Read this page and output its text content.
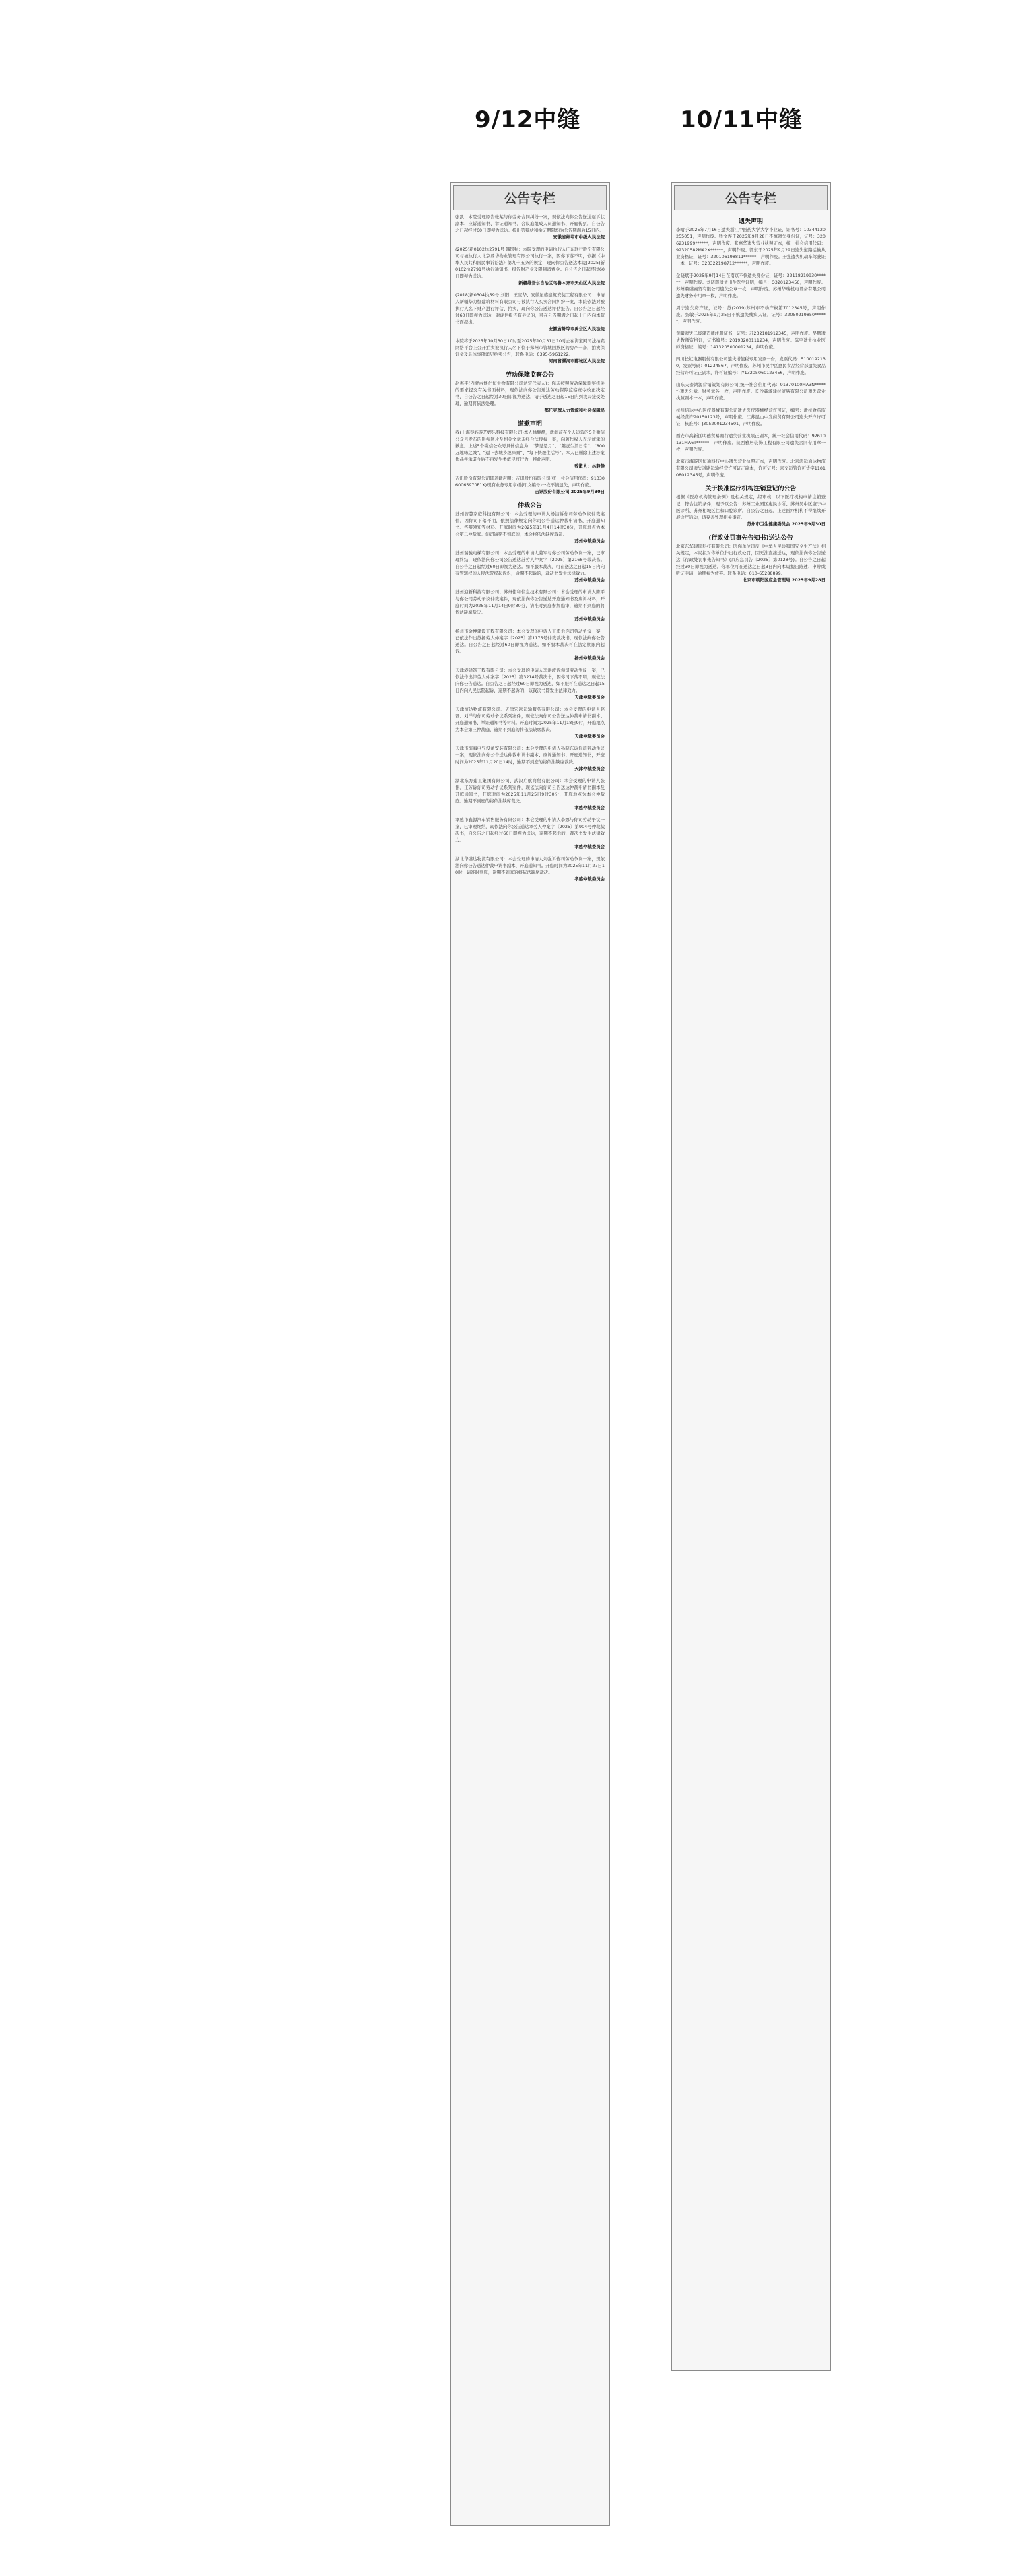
9/12中缝	10/11中缝
公告专栏
张凯：本院受理原告张某与你劳务合同纠纷一案，现依法向你公告送达起诉状副本、应诉通知书、举证通知书、合议庭组成人员通知书、开庭传票。自公告之日起经过60日即视为送达。提出答辩状和举证期限均为公告期满后15日内。
安徽省蚌埠市中级人民法院
(2025)新0102执2791号 韩国强：本院受理的申请执行人广东联行股份有限公司与被执行人北京鼎华物业管理有限公司执行一案，因你下落不明，依据《中华人民共和国民事诉讼法》第九十五条的规定，现向你公告送达本院(2025)新0102执2791号执行通知书、报告财产令及限制消费令。自公告之日起经过60日即视为送达。
新疆维吾尔自治区乌鲁木齐市天山区人民法院
(2018)新0304执59号 刘阳、王宝华、安徽星盛建筑安装工程有限公司：申请人新疆华力恒建筑材料有限公司与被执行人买卖合同纠纷一案，本院依法对被执行人名下财产进行评估、拍卖，现向你公告送达评估报告。自公告之日起经过60日即视为送达，对评估报告有异议的，可在公告期满之日起十日内向本院书面提出。
安徽省蚌埠市禹会区人民法院
本院将于2025年10月30日10时至2025年10月31日10时止在淘宝网司法拍卖网络平台上公开拍卖被执行人名下位于郑州市管城回族区的房产一套，拍卖保证金及具体事项详见拍卖公告，联系电话：0395-5961222。
河南省漯河市郾城区人民法院
劳动保障监察公告
赵惠平(内蒙古博仁恒生物有限公司法定代表人)：你未按照劳动保障监察机关的要求提交有关书面材料，现依法向你公告送达劳动保障监察责令改正决定书，自公告之日起经过30日即视为送达，请于送达之日起15日内到我局接受处理，逾期将依法处理。
鄂托克旗人力资源和社会保障局
道歉声明
我(上海琴屿游艺娱乐科技有限公司)本人林静静，就此前在个人运营的5个微信公众号发布的影视图片及相关文章未经合法授权一事，向著作权人表示诚挚的歉意。上述5个微信公众号具体信息为：“梦见是月”、“趣壹生活日常”、“800万趣味之城”、“逗下去城乡趣味圈”、“每下快趣生活号”。本人已删除上述涉案作品并承诺今后不再发生类似侵权行为，特此声明。
致歉人：林静静
吉讯股份有限公司即道歉声明：吉讯股份有限公司(统一社会信用代码：9133060065970F1X)现有业务专用章(附印文编号)一枚不慎遗失，声明作废。
吉讯股份有限公司 2025年9月30日
仲裁公告
苏州智慧家庭科技有限公司：本会受理的申请人杨洁诉你司劳动争议仲裁案件，因你司下落不明，依照法律规定向你司公告送达仲裁申请书、开庭通知书、答辩须知等材料。开庭时间为2025年11月4日14时30分，开庭地点为本会第二仲裁庭。你司逾期不到庭的，本会将依法缺席裁决。
苏州仲裁委员会
苏州瑞驰电梯有限公司：本会受理的申请人姜军与你公司劳动争议一案，已审理终结，现依法向你公司公告送达苏劳人仲案字〔2025〕第2168号裁决书。自公告之日起经过60日即视为送达。如不服本裁决，可在送达之日起15日内向有管辖权的人民法院提起诉讼，逾期不起诉的，裁决书发生法律效力。
苏州仲裁委员会
苏州迎新科技有限公司、苏州佳和信息技术有限公司：本会受理的申请人陈平与你公司劳动争议仲裁案件，现依法向你公告送达开庭通知书及应诉材料，开庭时间为2025年11月14日9时30分，请准时到庭参加庭审，逾期不到庭的将依法缺席裁决。
苏州仲裁委员会
扬州市金博建设工程有限公司：本会受理的申请人王勇诉你司劳动争议一案，已依法作出苏扬劳人仲案字〔2025〕第1175号仲裁裁决书，现依法向你公告送达。自公告之日起经过60日即视为送达，如不服本裁决可在法定期限内起诉。
扬州仲裁委员会
天津港建筑工程有限公司：本会受理的申请人李洪波诉你司劳动争议一案，已依法作出津劳人仲案字〔2025〕第3214号裁决书，因你司下落不明，现依法向你公告送达。自公告之日起经过60日即视为送达，如不服可在送达之日起15日内向人民法院起诉，逾期不起诉的，该裁决书即发生法律效力。
天津仲裁委员会
天津恒达物流有限公司、天津宏远运输服务有限公司：本会受理的申请人赵磊、刘洋与你司劳动争议系列案件，现依法向你司公告送达仲裁申请书副本、开庭通知书、举证通知书等材料。开庭时间为2025年11月18日9时，开庭地点为本会第三仲裁庭，逾期不到庭的将依法缺席裁决。
天津仲裁委员会
天津市滨海电气设备安装有限公司：本会受理的申请人孙晓东诉你司劳动争议一案，现依法向你公告送达仲裁申请书副本、应诉通知书、开庭通知书，开庭时间为2025年11月20日14时，逾期不到庭的将依法缺席裁决。
天津仲裁委员会
湖北东方建工集团有限公司、武汉启航商贸有限公司：本会受理的申请人张伟、王芳诉你司劳动争议系列案件，现依法向你司公告送达仲裁申请书副本及开庭通知书，开庭时间为2025年11月25日9时30分，开庭地点为本会仲裁庭。逾期不到庭的将依法缺席裁决。
孝感仲裁委员会
孝感市鑫源汽车销售服务有限公司：本会受理的申请人李娜与你司劳动争议一案，已审理终结，现依法向你公告送达孝劳人仲案字〔2025〕第904号仲裁裁决书，自公告之日起经过60日即视为送达，逾期不起诉的，裁决书发生法律效力。
孝感仲裁委员会
湖北华盛达物流有限公司：本会受理的申请人刘强诉你司劳动争议一案，现依法向你公告送达仲裁申请书副本、开庭通知书。开庭时间为2025年11月27日10时，请准时到庭，逾期不到庭的将依法缺席裁决。
孝感仲裁委员会
公告专栏
遗失声明
李晴于2025年7月16日遗失浙江中医药大学大学毕业证，证书号：10344120255051，声明作废。钱文烨于2025年9月28日不慎遗失身份证，证号：3206231999******，声明作废。张惠华遗失营业执照正本，统一社会信用代码：92320582MA2X******，声明作废。郭东于2025年9月29日遗失道路运输从业资格证，证号：320106198811******，声明作废。王强遗失机动车驾驶证一本，证号：320322198712******，声明作废。
金晓斌于2025年9月14日在南京不慎遗失身份证，证号：32118219930******，声明作废。刘晓辉遗失出生医学证明，编号：Q320123456，声明作废。苏州鼎盛商贸有限公司遗失公章一枚，声明作废。苏州华瑞机电设备有限公司遗失财务专用章一枚，声明作废。
周宁遗失房产证，证号：苏(2019)苏州市不动产权第7012345号，声明作废。张敏于2025年9月25日不慎遗失残疾人证，证号：32050219850******，声明作废。
黄曦遗失二级建造师注册证书，证号：苏232181912345，声明作废。吴鹏遗失教师资格证，证书编号：20193200111234，声明作废。陈宇遗失执业医师资格证，编号：141320500001234，声明作废。
四川长虹电器股份有限公司遗失增值税专用发票一份，发票代码：5100192130，发票号码：01234567，声明作废。苏州市吴中区惠民食品经营部遗失食品经营许可证正副本，许可证编号：JY13205060123456，声明作废。
山东天泰鸿源营销策划有限公司(统一社会信用代码：91370100MA3N******)遗失公章、财务章各一枚，声明作废。长沙鑫源建材贸易有限公司遗失营业执照副本一本，声明作废。
杭州信达中心医疗器械有限公司遗失医疗器械经营许可证，编号：浙杭食药监械经营许20150123号，声明作废。江苏昆山中发商贸有限公司遗失开户许可证，核准号：J3052001234501，声明作废。
西安市高新区明德贸易商行遗失营业执照正副本，统一社会信用代码：92610131MA6T******，声明作废。陕西雅居装饰工程有限公司遗失合同专用章一枚，声明作废。
北京市海淀区恒通科技中心遗失营业执照正本，声明作废。北京鸿运通达物流有限公司遗失道路运输经营许可证正副本，许可证号：京交运管许可货字110108012345号，声明作废。
关于核准医疗机构注销登记的公告
根据《医疗机构管理条例》及相关规定，经审核，以下医疗机构申请注销登记，符合注销条件，现予以公告：苏州工业园区惠民诊所、苏州吴中区康宁中医诊所、苏州相城区仁和口腔诊所。自公告之日起，上述医疗机构不得继续开展诊疗活动，请妥善处理相关事宜。
苏州市卫生健康委员会 2025年9月30日
(行政处罚事先告知书)送达公告
北京东华建园科技有限公司：因你单位违反《中华人民共和国安全生产法》相关规定，本局拟对你单位作出行政处罚，因无法直接送达，现依法向你公告送达《行政处罚事先告知书》(京应急罚告〔2025〕第0128号)。自公告之日起经过30日即视为送达。你单位可在送达之日起3日内向本局提出陈述、申辩或听证申请，逾期视为放弃。联系电话：010-65288899。
北京市朝阳区应急管理局 2025年9月28日
